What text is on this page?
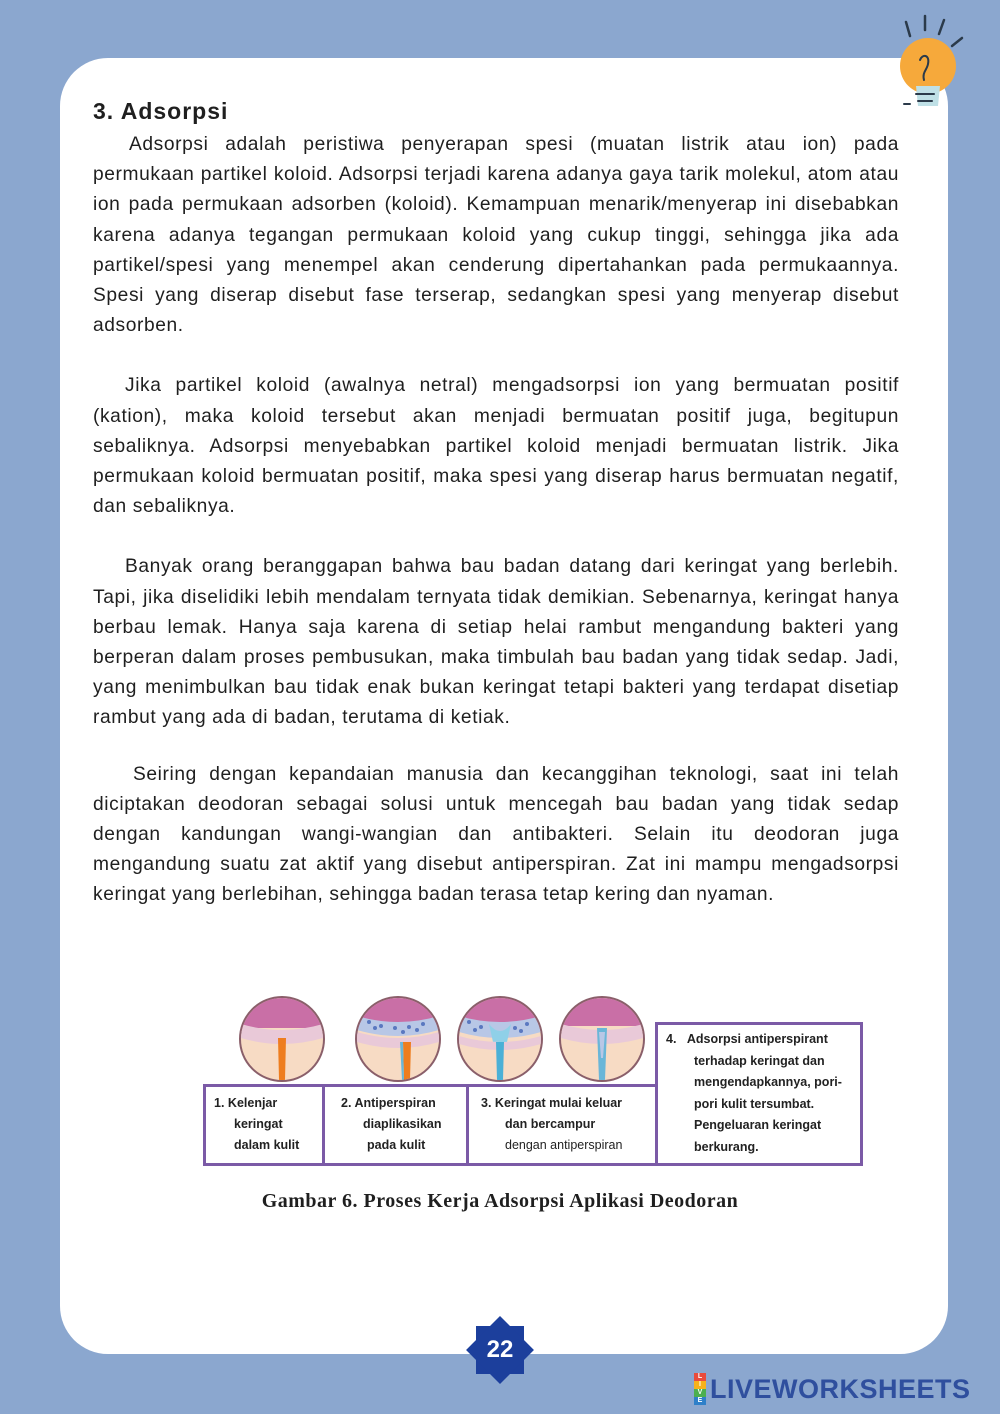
3. Adsorpsi

Adsorpsi adalah peristiwa penyerapan spesi (muatan listrik atau ion) pada permukaan partikel koloid. Adsorpsi terjadi karena adanya gaya tarik molekul, atom atau ion pada permukaan adsorben (koloid). Kemampuan menarik/menyerap ini disebabkan karena adanya tegangan permukaan koloid yang cukup tinggi, sehingga jika ada partikel/spesi yang menempel akan cenderung dipertahankan pada permukaannya. Spesi yang diserap disebut fase terserap, sedangkan spesi yang menyerap disebut adsorben.

Jika partikel koloid (awalnya netral) mengadsorpsi ion yang bermuatan positif (kation), maka koloid tersebut akan menjadi bermuatan positif juga, begitupun sebaliknya. Adsorpsi menyebabkan partikel koloid menjadi bermuatan listrik. Jika permukaan koloid bermuatan positif, maka spesi yang diserap harus bermuatan negatif, dan sebaliknya.

Banyak orang beranggapan bahwa bau badan datang dari keringat yang berlebih. Tapi, jika diselidiki lebih mendalam ternyata tidak demikian. Sebenarnya, keringat hanya berbau lemak. Hanya saja karena di setiap helai rambut mengandung bakteri yang berperan dalam proses pembusukan, maka timbulah bau badan yang tidak sedap. Jadi, yang menimbulkan bau tidak enak bukan keringat tetapi bakteri yang terdapat disetiap rambut yang ada di badan, terutama di ketiak.

Seiring dengan kepandaian manusia dan kecanggihan teknologi, saat ini telah diciptakan deodoran sebagai solusi untuk mencegah bau badan yang tidak sedap dengan kandungan wangi-wangian dan antibakteri. Selain itu deodoran juga mengandung suatu zat aktif yang disebut antiperspiran. Zat ini mampu mengadsorpsi keringat yang berlebihan, sehingga badan terasa tetap kering dan nyaman.

1. Kelenjar
keringat
dalam kulit
2. Antiperspiran
diaplikasikan
pada kulit
3. Keringat mulai keluar
dan bercampur
dengan antiperspiran
4. Adsorpsi antiperspirant
terhadap keringat dan
mengendapkannya, pori-
pori kulit tersumbat.
Pengeluaran keringat
berkurang.
Gambar 6. Proses Kerja Adsorpsi Aplikasi Deodoran
22
L
I
V
E LIVEWORKSHEETS
